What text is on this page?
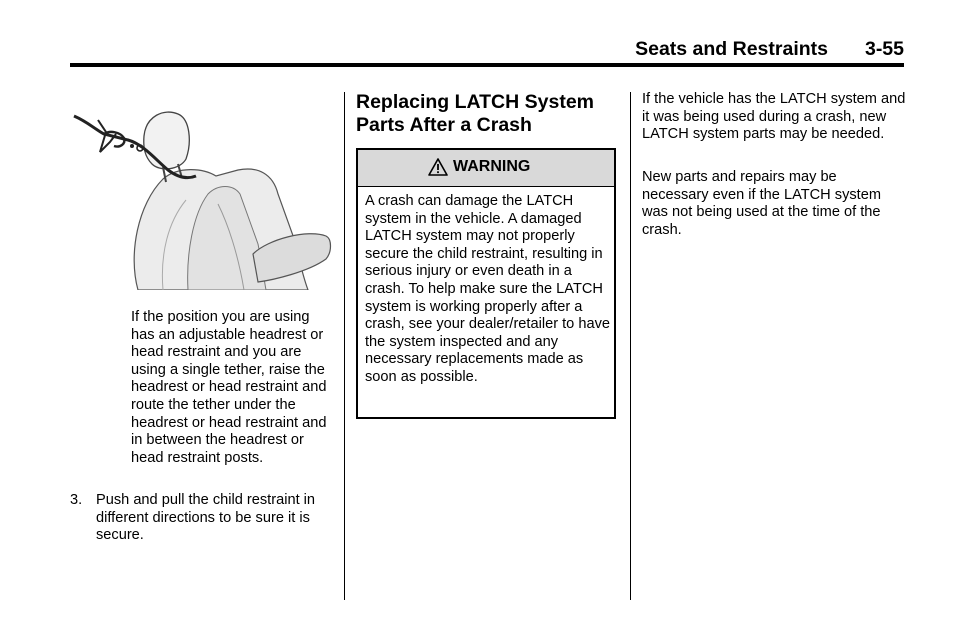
Seats and Restraints 3-55
If the position you are using has an adjustable headrest or head restraint and you are using a single tether, raise the headrest or head restraint and route the tether under the headrest or head restraint and in between the headrest or head restraint posts.
3. Push and pull the child restraint in different directions to be sure it is secure.
Replacing LATCH System Parts After a Crash
WARNING
A crash can damage the LATCH system in the vehicle. A damaged LATCH system may not properly secure the child restraint, resulting in serious injury or even death in a crash. To help make sure the LATCH system is working properly after a crash, see your dealer/retailer to have the system inspected and any necessary replacements made as soon as possible.
If the vehicle has the LATCH system and it was being used during a crash, new LATCH system parts may be needed.
New parts and repairs may be necessary even if the LATCH system was not being used at the time of the crash.
